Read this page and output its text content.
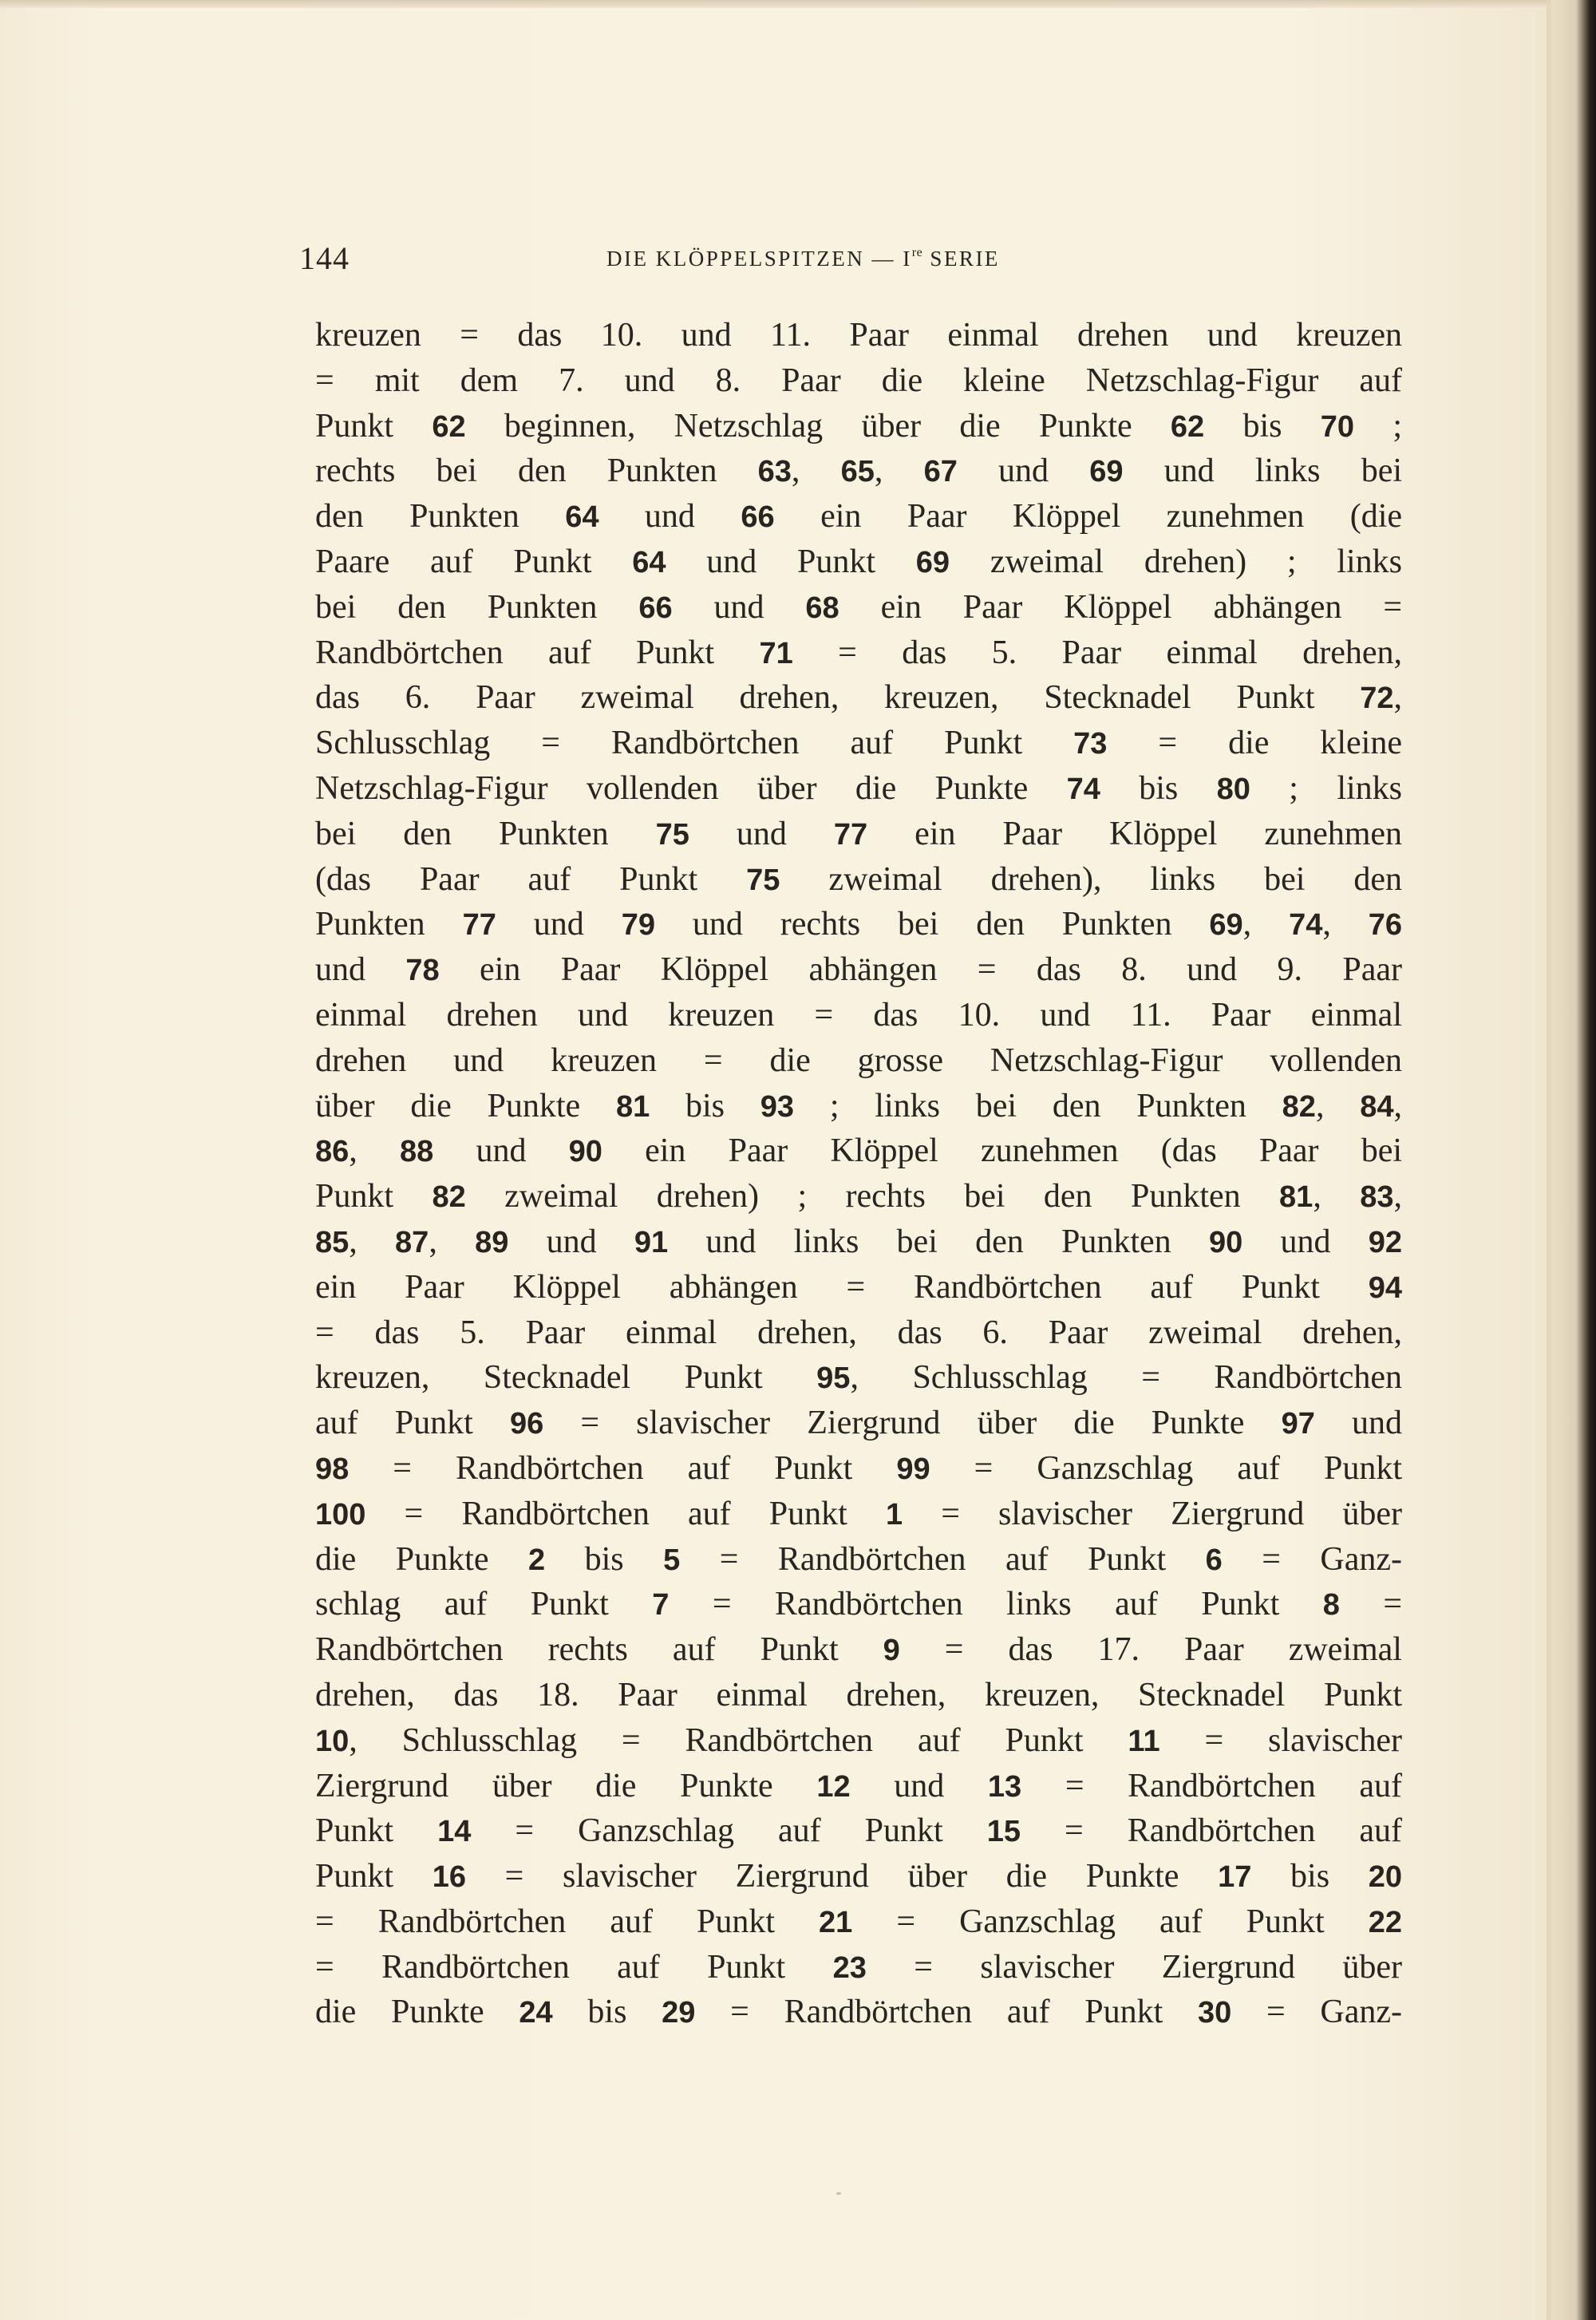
144	DIE KLÖPPELSPITZEN — Ire SERIE
kreuzen = das 10. und 11. Paar einmal drehen und kreuzen
= mit dem 7. und 8. Paar die kleine Netzschlag-Figur auf
Punkt 62 beginnen, Netzschlag über die Punkte 62 bis 70 ;
rechts bei den Punkten 63, 65, 67 und 69 und links bei
den Punkten 64 und 66 ein Paar Klöppel zunehmen (die
Paare auf Punkt 64 und Punkt 69 zweimal drehen) ; links
bei den Punkten 66 und 68 ein Paar Klöppel abhängen =
Randbörtchen auf Punkt 71 = das 5. Paar einmal drehen,
das 6. Paar zweimal drehen, kreuzen, Stecknadel Punkt 72,
Schlusschlag = Randbörtchen auf Punkt 73 = die kleine
Netzschlag-Figur vollenden über die Punkte 74 bis 80 ; links
bei den Punkten 75 und 77 ein Paar Klöppel zunehmen
(das Paar auf Punkt 75 zweimal drehen), links bei den
Punkten 77 und 79 und rechts bei den Punkten 69, 74, 76
und 78 ein Paar Klöppel abhängen = das 8. und 9. Paar
einmal drehen und kreuzen = das 10. und 11. Paar einmal
drehen und kreuzen = die grosse Netzschlag-Figur vollenden
über die Punkte 81 bis 93 ; links bei den Punkten 82, 84,
86, 88 und 90 ein Paar Klöppel zunehmen (das Paar bei
Punkt 82 zweimal drehen) ; rechts bei den Punkten 81, 83,
85, 87, 89 und 91 und links bei den Punkten 90 und 92
ein Paar Klöppel abhängen = Randbörtchen auf Punkt 94
= das 5. Paar einmal drehen, das 6. Paar zweimal drehen,
kreuzen, Stecknadel Punkt 95, Schlusschlag = Randbörtchen
auf Punkt 96 = slavischer Ziergrund über die Punkte 97 und
98 = Randbörtchen auf Punkt 99 = Ganzschlag auf Punkt
100 = Randbörtchen auf Punkt 1 = slavischer Ziergrund über
die Punkte 2 bis 5 = Randbörtchen auf Punkt 6 = Ganz-
schlag auf Punkt 7 = Randbörtchen links auf Punkt 8 =
Randbörtchen rechts auf Punkt 9 = das 17. Paar zweimal
drehen, das 18. Paar einmal drehen, kreuzen, Stecknadel Punkt
10, Schlusschlag = Randbörtchen auf Punkt 11 = slavischer
Ziergrund über die Punkte 12 und 13 = Randbörtchen auf
Punkt 14 = Ganzschlag auf Punkt 15 = Randbörtchen auf
Punkt 16 = slavischer Ziergrund über die Punkte 17 bis 20
= Randbörtchen auf Punkt 21 = Ganzschlag auf Punkt 22
= Randbörtchen auf Punkt 23 = slavischer Ziergrund über
die Punkte 24 bis 29 = Randbörtchen auf Punkt 30 = Ganz-
